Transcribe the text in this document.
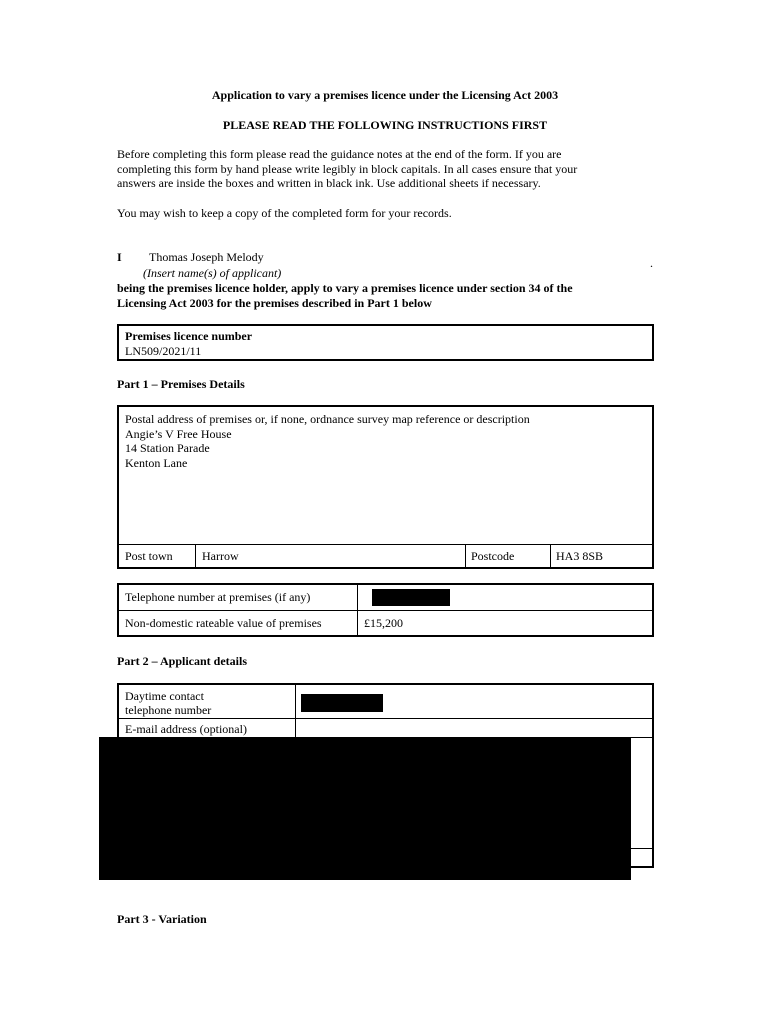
Application to vary a premises licence under the Licensing Act 2003
PLEASE READ THE FOLLOWING INSTRUCTIONS FIRST
Before completing this form please read the guidance notes at the end of the form. If you are
completing this form by hand please write legibly in block capitals. In all cases ensure that your
answers are inside the boxes and written in black ink. Use additional sheets if necessary.
You may wish to keep a copy of the completed form for your records.
I Thomas Joseph Melody	.
(Insert name(s) of applicant)
being the premises licence holder, apply to vary a premises licence under section 34 of the
Licensing Act 2003 for the premises described in Part 1 below
Premises licence number
LN509/2021/11
Part 1 – Premises Details
Postal address of premises or, if none, ordnance survey map reference or description
Angie’s V Free House
14 Station Parade
Kenton Lane
Post town Harrow	Postcode	HA3 8SB
Telephone number at premises (if any)	

Non-domestic rateable value of premises	£15,200
Part 2 – Applicant details
Daytime contact
telephone number
E-mail address (optional)
Part 3 - Variation
